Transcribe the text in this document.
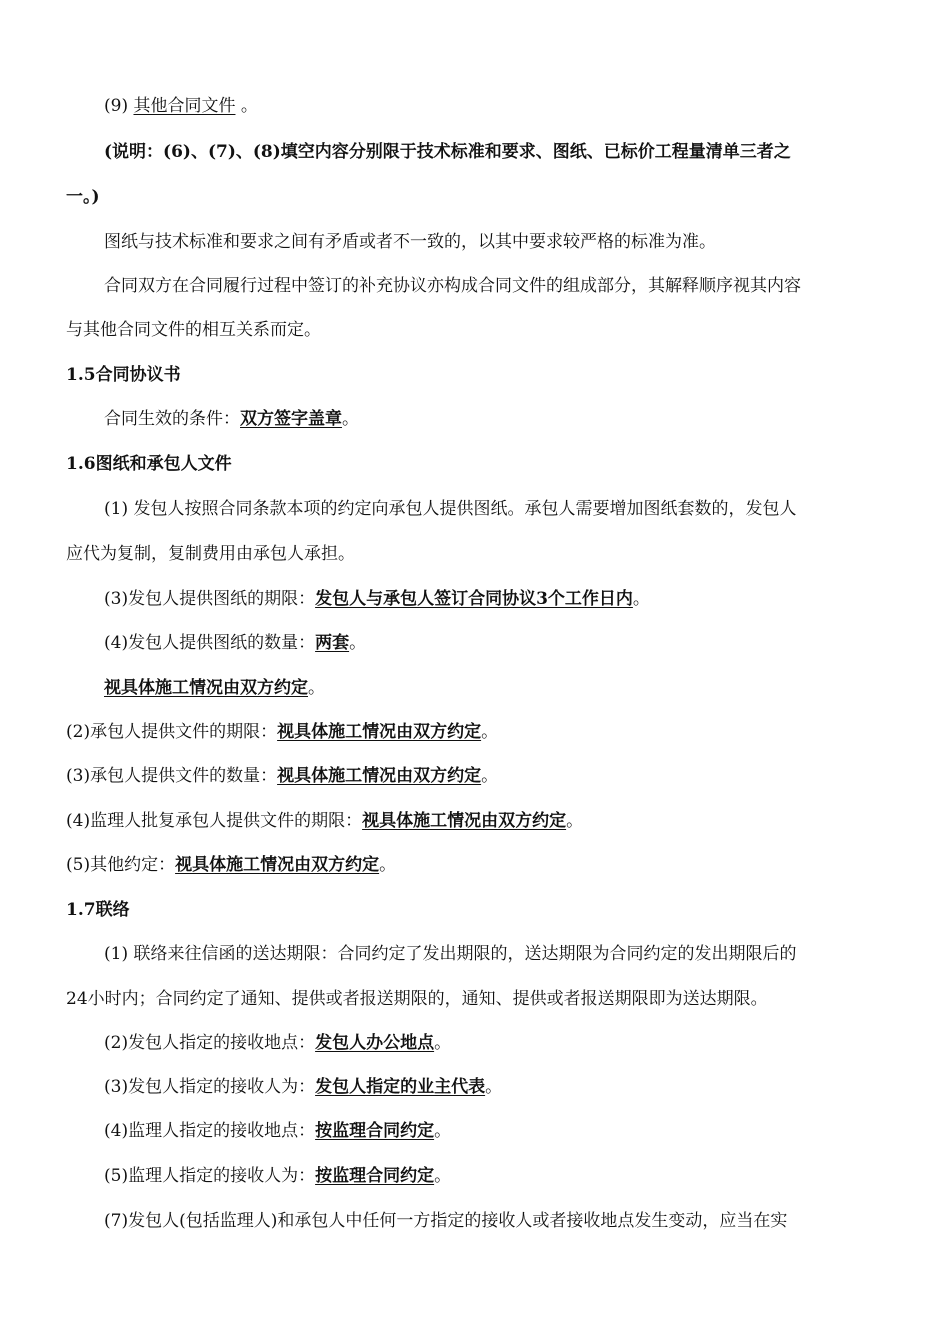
(9) 其他合同文件 。
(说明：(6)、(7)、(8)填空内容分别限于技术标准和要求、图纸、已标价工程量清单三者之
一。)
图纸与技术标准和要求之间有矛盾或者不一致的，以其中要求较严格的标准为准。
合同双方在合同履行过程中签订的补充协议亦构成合同文件的组成部分，其解释顺序视其内容
与其他合同文件的相互关系而定。
1.5合同协议书
合同生效的条件：双方签字盖章。
1.6图纸和承包人文件
(1) 发包人按照合同条款本项的约定向承包人提供图纸。承包人需要增加图纸套数的，发包人
应代为复制，复制费用由承包人承担。
(3)发包人提供图纸的期限：发包人与承包人签订合同协议3个工作日内。
(4)发包人提供图纸的数量：两套。
视具体施工情况由双方约定。
(2)承包人提供文件的期限：视具体施工情况由双方约定。
(3)承包人提供文件的数量：视具体施工情况由双方约定。
(4)监理人批复承包人提供文件的期限：视具体施工情况由双方约定。
(5)其他约定：视具体施工情况由双方约定。
1.7联络
(1) 联络来往信函的送达期限：合同约定了发出期限的，送达期限为合同约定的发出期限后的
24小时内；合同约定了通知、提供或者报送期限的，通知、提供或者报送期限即为送达期限。
(2)发包人指定的接收地点：发包人办公地点。
(3)发包人指定的接收人为：发包人指定的业主代表。
(4)监理人指定的接收地点：按监理合同约定。
(5)监理人指定的接收人为：按监理合同约定。
(7)发包人(包括监理人)和承包人中任何一方指定的接收人或者接收地点发生变动，应当在实
